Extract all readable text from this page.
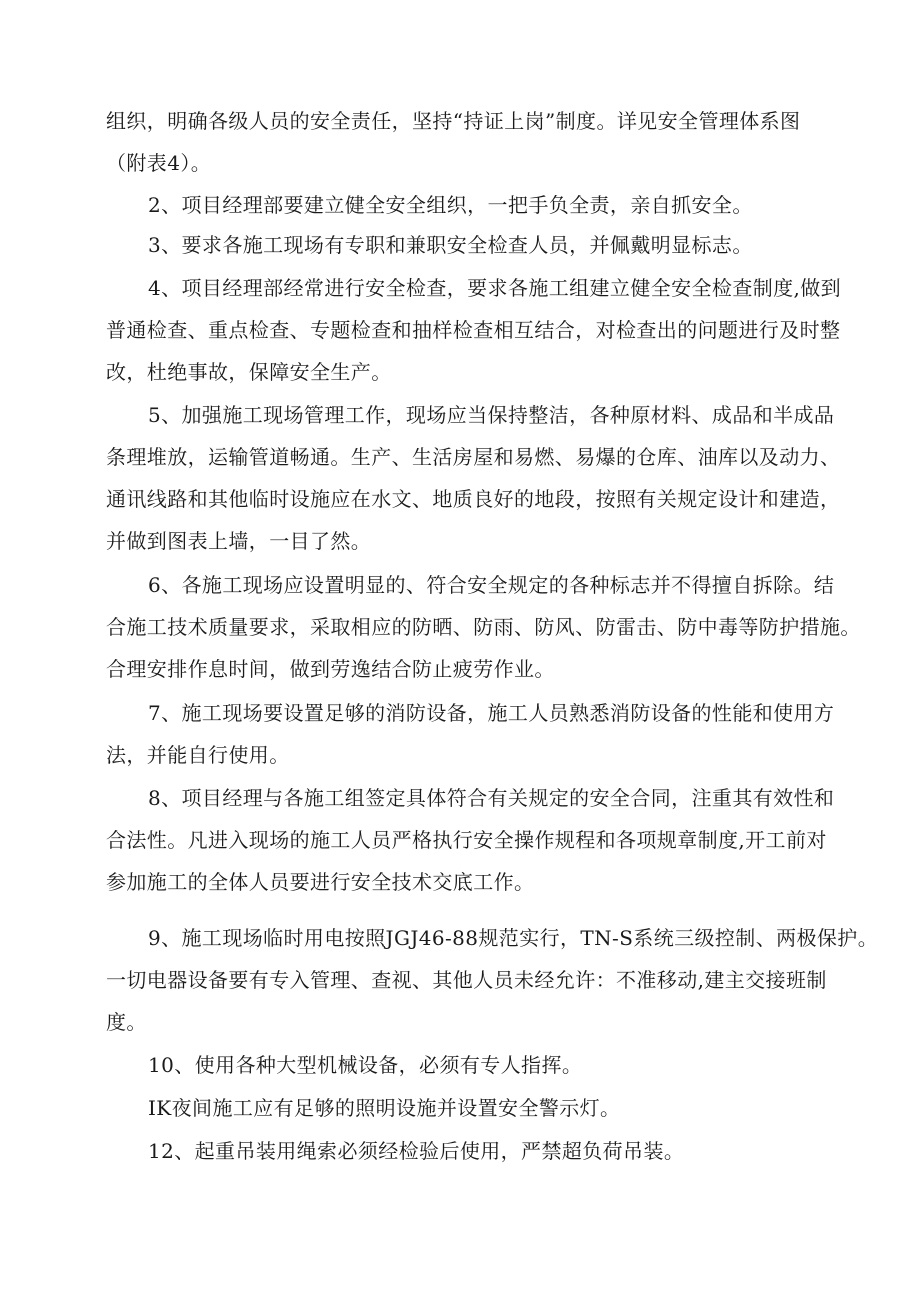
组织，明确各级人员的安全责任，坚持“持证上岗”制度。详见安全管理体系图
（附表4）。

2、项目经理部要建立健全安全组织，一把手负全责，亲自抓安全。

3、要求各施工现场有专职和兼职安全检查人员，并佩戴明显标志。

4、项目经理部经常进行安全检查，要求各施工组建立健全安全检查制度,做到
普通检查、重点检查、专题检查和抽样检查相互结合，对检查出的问题进行及时整
改，杜绝事故，保障安全生产。

5、加强施工现场管理工作，现场应当保持整洁，各种原材料、成品和半成品
条理堆放，运输管道畅通。生产、生活房屋和易燃、易爆的仓库、油库以及动力、
通讯线路和其他临时设施应在水文、地质良好的地段，按照有关规定设计和建造，
并做到图表上墙，一目了然。

6、各施工现场应设置明显的、符合安全规定的各种标志并不得擅自拆除。结
合施工技术质量要求，采取相应的防晒、防雨、防风、防雷击、防中毒等防护措施。
合理安排作息时间，做到劳逸结合防止疲劳作业。

7、施工现场要设置足够的消防设备，施工人员熟悉消防设备的性能和使用方
法，并能自行使用。

8、项目经理与各施工组签定具体符合有关规定的安全合同，注重其有效性和
合法性。凡进入现场的施工人员严格执行安全操作规程和各项规章制度,开工前对
参加施工的全体人员要进行安全技术交底工作。

9、施工现场临时用电按照JGJ46-88规范实行，TN-S系统三级控制、两极保护。
一切电器设备要有专入管理、查视、其他人员未经允许：不准移动,建主交接班制
度。

10、使用各种大型机械设备，必须有专人指挥。

IK夜间施工应有足够的照明设施并设置安全警示灯。

12、起重吊装用绳索必须经检验后使用，严禁超负荷吊装。
